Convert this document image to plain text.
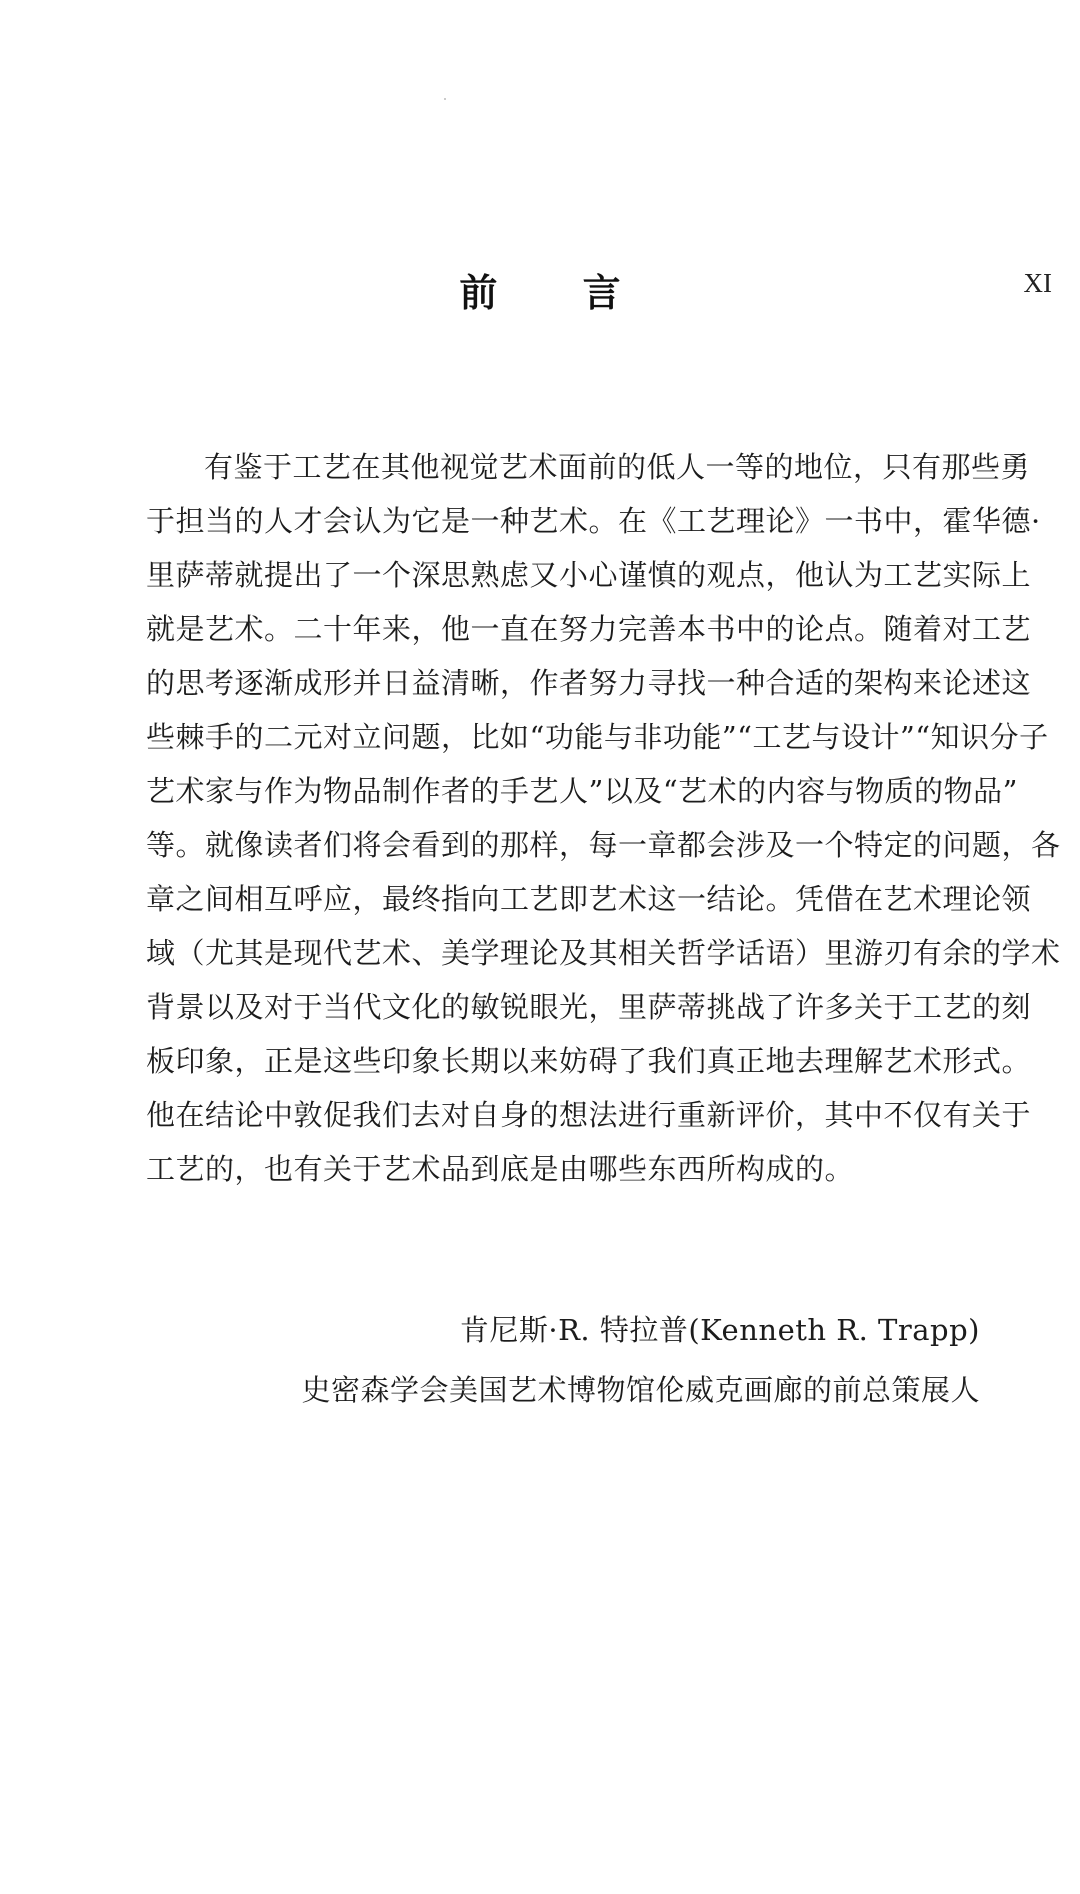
前 言	XI
有鉴于工艺在其他视觉艺术面前的低人一等的地位，只有那些勇
于担当的人才会认为它是一种艺术。在《工艺理论》一书中，霍华德·
里萨蒂就提出了一个深思熟虑又小心谨慎的观点，他认为工艺实际上
就是艺术。二十年来，他一直在努力完善本书中的论点。随着对工艺
的思考逐渐成形并日益清晰，作者努力寻找一种合适的架构来论述这
些棘手的二元对立问题，比如“功能与非功能”“工艺与设计”“知识分子
艺术家与作为物品制作者的手艺人”以及“艺术的内容与物质的物品”
等。就像读者们将会看到的那样，每一章都会涉及一个特定的问题，各
章之间相互呼应，最终指向工艺即艺术这一结论。凭借在艺术理论领
域（尤其是现代艺术、美学理论及其相关哲学话语）里游刃有余的学术
背景以及对于当代文化的敏锐眼光，里萨蒂挑战了许多关于工艺的刻
板印象，正是这些印象长期以来妨碍了我们真正地去理解艺术形式。
他在结论中敦促我们去对自身的想法进行重新评价，其中不仅有关于
工艺的，也有关于艺术品到底是由哪些东西所构成的。
肯尼斯·R. 特拉普(Kenneth R. Trapp)
史密森学会美国艺术博物馆伦威克画廊的前总策展人
